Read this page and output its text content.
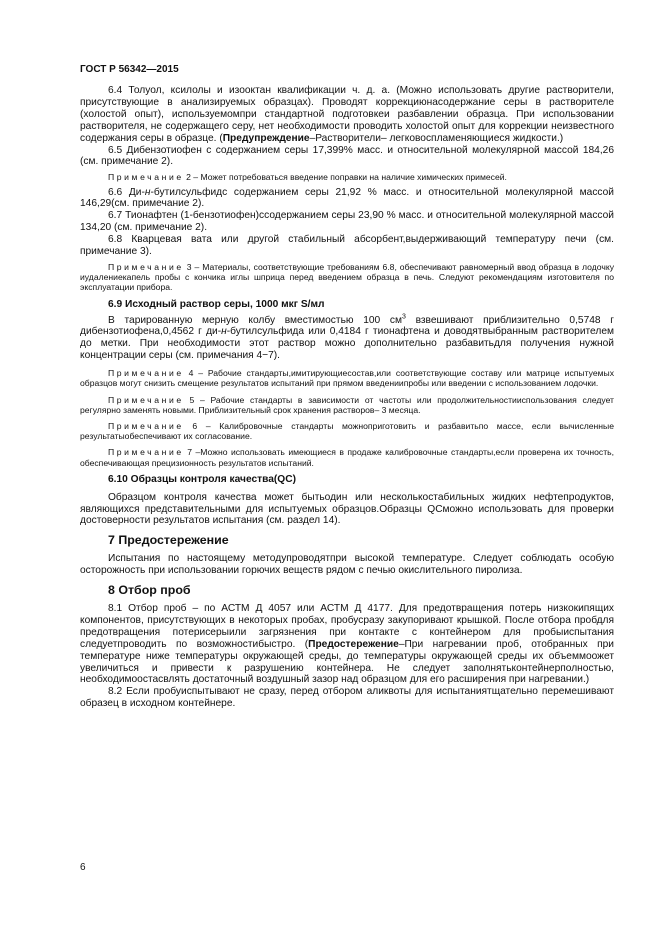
ГОСТ Р 56342—2015

6.4 Толуол, ксилолы и изооктан квалификации ч. д. а. (Можно использовать другие растворители, присутствующие в анализируемых образцах). Проводят коррекциюнасодержание серы в растворителе (холостой опыт), используемомпри стандартной подготовкеи разбавлении образца. При использовании растворителя, не содержащего серу, нет необходимости проводить холостой опыт для коррекции неизвестного содержания серы в образце. (Предупреждение–Растворители– легковоспламеняющиеся жидкости.)

6.5 Дибензотиофен с содержанием серы 17,399% масс. и относительной молекулярной массой 184,26 (см. примечание 2).

Примечание 2 – Может потребоваться введение поправки на наличие химических примесей.

6.6 Ди-н-бутилсульфидс содержанием серы 21,92 % масс. и относительной молекулярной массой 146,29(см. примечание 2).

6.7 Тионафтен (1-бензотиофен)ссодержанием серы 23,90 % масс. и относительной молекулярной массой 134,20 (см. примечание 2).

6.8 Кварцевая вата или другой стабильный абсорбент,выдерживающий температуру печи (см. примечание 3).

Примечание 3 – Материалы, соответствующие требованиям 6.8, обеспечивают равномерный ввод образца в лодочку иудалениекапель пробы с кончика иглы шприца перед введением образца в печь. Следуют рекомендациям изготовителя по эксплуатации прибора.

6.9 Исходный раствор серы, 1000 мкг S/мл

В тарированную мерную колбу вместимостью 100 $см^3$ взвешивают приблизительно 0,5748 г дибензотиофена,0,4562 г ди-н-бутилсульфида или 0,4184 г тионафтена и доводятвыбранным растворителем до метки. При необходимости этот раствор можно дополнительно разбавитьдля получения нужной концентрации серы (см. примечания 4−7).

Примечание 4 – Рабочие стандарты,имитирующиесостав,или соответствующие составу или матрице испытуемых образцов могут снизить смещение результатов испытаний при прямом введениипробы или введении с использованием лодочки.

Примечание 5 – Рабочие стандарты в зависимости от частоты или продолжительностииспользования следует регулярно заменять новыми. Приблизительный срок хранения растворов– 3 месяца.

Примечание 6 – Калибровочные стандарты можноприготовить и разбавитьпо массе, если вычисленные результатыобеспечивают их согласование.

Примечание 7 –Можно использовать имеющиеся в продаже калибровочные стандарты,если проверена их точность, обеспечивающая прецизионность результатов испытаний.

6.10 Образцы контроля качества(QC)

Образцом контроля качества может бытьодин или несколькостабильных жидких нефтепродуктов, являющихся представительными для испытуемых образцов.Образцы QCможно использовать для проверки достоверности результатов испытания (см. раздел 14).

7 Предостережение

Испытания по настоящему методупроводятпри высокой температуре. Следует соблюдать особую осторожность при использовании горючих веществ рядом с печью окислительного пиролиза.

8 Отбор проб

8.1 Отбор проб – по АСТМ Д 4057 или АСТМ Д 4177. Для предотвращения потерь низкокипящих компонентов, присутствующих в некоторых пробах, пробусразу закупоривают крышкой. После отбора пробдля предотвращения потерисерыили загрязнения при контакте с контейнером для пробыиспытания следуетпроводить по возможностибыстро. (Предостережение–При нагревании проб, отобранных при температуре ниже температуры окружающей среды, до температуры окружающей среды их объеммоожет увеличиться и привести к разрушению контейнера. Не следует заполнятьконтейнерполностью, необходимоостасвлять достаточный воздушный зазор над образцом для его расширения при нагревании.)

8.2 Если пробуиспытывают не сразу, перед отбором аликвоты для испытаниятщательно перемешивают образец в исходном контейнере.

6
